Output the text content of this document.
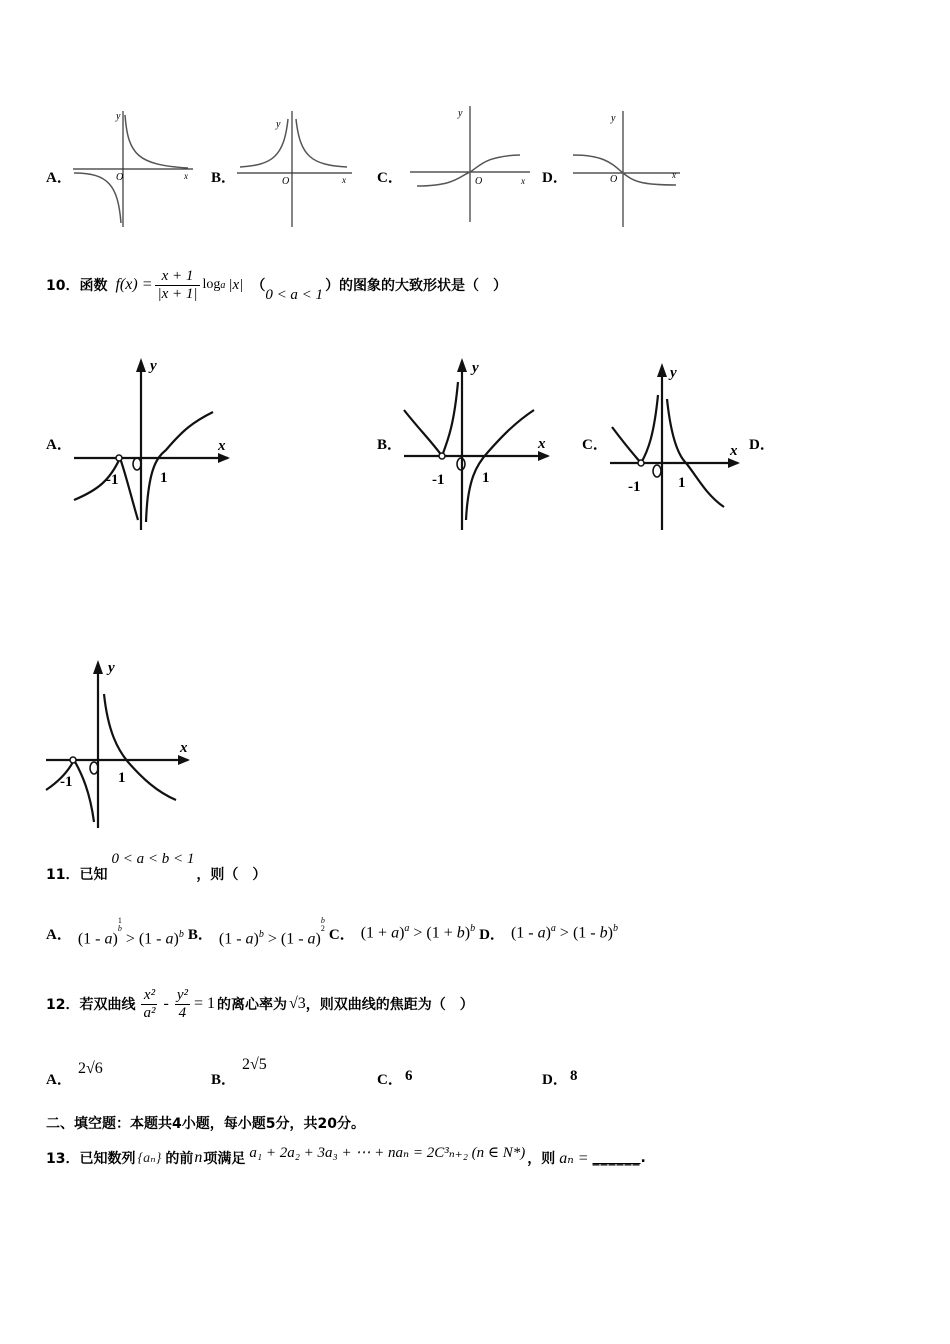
A．
y
x
O	B．
y
x
O	C．
y
x
O	D．
y
x
O
10． 函数 $f(x) = \frac{x + 1}{|x + 1|}$ log a |x| （
0 < a < 1
）的图象的大致形状是（　）
A．
y
x
-1	1
B．
y
x
-1	1
C．
y
x
-1	1
D．
y
x
-1	1
11． 已知
0 < a < b < 1
，则（　）
A． (1 - a)$^{1 b}$ > (1 - a)$^b$ B． (1 - a)$^b$ > (1 - a)$^{b 2}$ C． $(1 + a)^a > (1 + b)^b$ D． (1 - a)$^a$ > (1 - b)$^b$
12． 若双曲线 $\frac{\text{x²}}{\text{a²}} - \frac{\text{y²}}{4} = 1$ 的离心率为 √3 ，则双曲线的焦距为（　）
A．
2√6
B．
2√5
C． 6	D． 8
二、填空题：本题共4小题，每小题5分，共20分。
13． 已知数列 {aₙ} 的前 n 项满足 a₁ + 2a₂ + 3a₃ + ⋯ + naₙ = 2C³ₙ₊₂ (n ∈ N*) ，则 aₙ = ______ .
